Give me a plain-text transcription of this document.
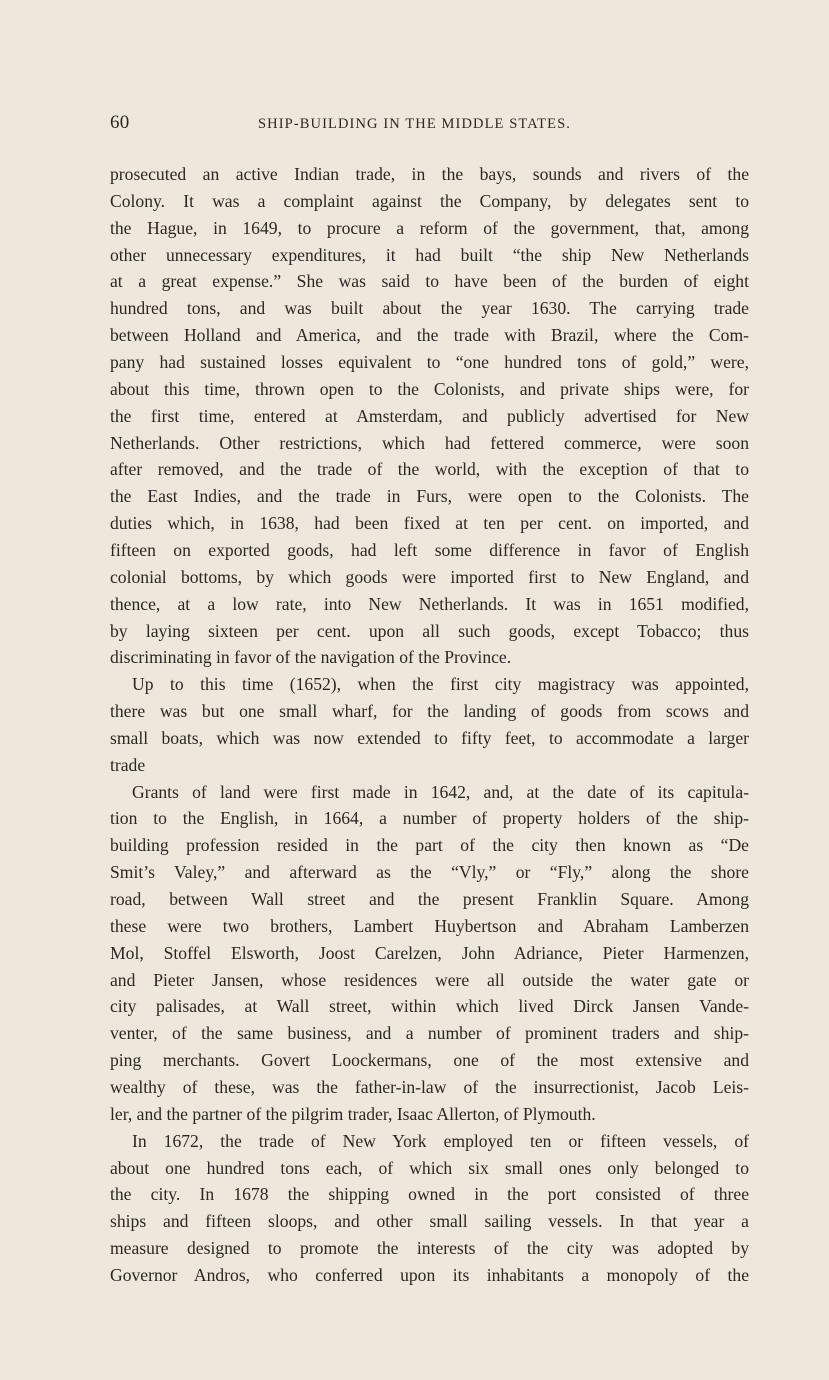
60	SHIP-BUILDING IN THE MIDDLE STATES.
prosecuted an active Indian trade, in the bays, sounds and rivers of the
Colony. It was a complaint against the Company, by delegates sent to
the Hague, in 1649, to procure a reform of the government, that, among
other unnecessary expenditures, it had built “the ship New Netherlands
at a great expense.” She was said to have been of the burden of eight
hundred tons, and was built about the year 1630. The carrying trade
between Holland and America, and the trade with Brazil, where the Com-
pany had sustained losses equivalent to “one hundred tons of gold,” were,
about this time, thrown open to the Colonists, and private ships were, for
the first time, entered at Amsterdam, and publicly advertised for New
Netherlands. Other restrictions, which had fettered commerce, were soon
after removed, and the trade of the world, with the exception of that to
the East Indies, and the trade in Furs, were open to the Colonists. The
duties which, in 1638, had been fixed at ten per cent. on imported, and
fifteen on exported goods, had left some difference in favor of English
colonial bottoms, by which goods were imported first to New England, and
thence, at a low rate, into New Netherlands. It was in 1651 modified,
by laying sixteen per cent. upon all such goods, except Tobacco; thus
discriminating in favor of the navigation of the Province.
Up to this time (1652), when the first city magistracy was appointed,
there was but one small wharf, for the landing of goods from scows and
small boats, which was now extended to fifty feet, to accommodate a larger
trade
Grants of land were first made in 1642, and, at the date of its capitula-
tion to the English, in 1664, a number of property holders of the ship-
building profession resided in the part of the city then known as “De
Smit’s Valey,” and afterward as the “Vly,” or “Fly,” along the shore
road, between Wall street and the present Franklin Square. Among
these were two brothers, Lambert Huybertson and Abraham Lamberzen
Mol, Stoffel Elsworth, Joost Carelzen, John Adriance, Pieter Harmenzen,
and Pieter Jansen, whose residences were all outside the water gate or
city palisades, at Wall street, within which lived Dirck Jansen Vande-
venter, of the same business, and a number of prominent traders and ship-
ping merchants. Govert Loockermans, one of the most extensive and
wealthy of these, was the father-in-law of the insurrectionist, Jacob Leis-
ler, and the partner of the pilgrim trader, Isaac Allerton, of Plymouth.
In 1672, the trade of New York employed ten or fifteen vessels, of
about one hundred tons each, of which six small ones only belonged to
the city. In 1678 the shipping owned in the port consisted of three
ships and fifteen sloops, and other small sailing vessels. In that year a
measure designed to promote the interests of the city was adopted by
Governor Andros, who conferred upon its inhabitants a monopoly of the
